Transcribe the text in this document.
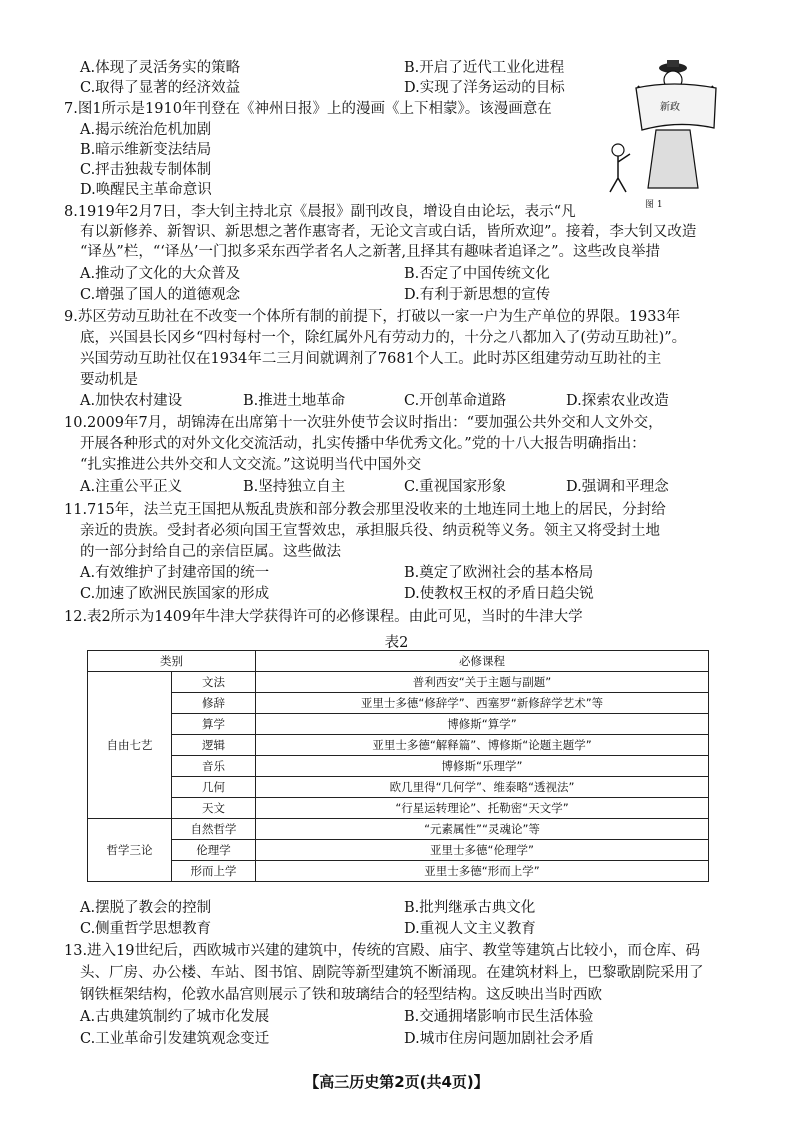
A.体现了灵活务实的策略	B.开启了近代工业化进程
C.取得了显著的经济效益	D.实现了洋务运动的目标
7.图1所示是1910年刊登在《神州日报》上的漫画《上下相蒙》。该漫画意在
A.揭示统治危机加剧
B.暗示维新变法结局
C.抨击独裁专制体制
D.唤醒民主革命意识
新政
图 1
8.1919年2月7日，李大钊主持北京《晨报》副刊改良，增设自由论坛，表示“凡
有以新修养、新智识、新思想之著作惠寄者，无论文言或白话，皆所欢迎”。接着，李大钊又改造
“译丛”栏，“‘译丛’一门拟多采东西学者名人之新著,且择其有趣味者追译之”。这些改良举措
A.推动了文化的大众普及	B.否定了中国传统文化
C.增强了国人的道德观念	D.有利于新思想的宣传
9.苏区劳动互助社在不改变一个体所有制的前提下，打破以一家一户为生产单位的界限。1933年
底，兴国县长冈乡“四村每村一个，除红属外凡有劳动力的，十分之八都加入了(劳动互助社)”。
兴国劳动互助社仅在1934年二三月间就调剂了7681个人工。此时苏区组建劳动互助社的主
要动机是
A.加快农村建设	B.推进土地革命	C.开创革命道路	D.探索农业改造
10.2009年7月，胡锦涛在出席第十一次驻外使节会议时指出：“要加强公共外交和人文外交，
开展各种形式的对外文化交流活动，扎实传播中华优秀文化。”党的十八大报告明确指出：
“扎实推进公共外交和人文交流。”这说明当代中国外交
A.注重公平正义	B.坚持独立自主	C.重视国家形象	D.强调和平理念
11.715年，法兰克王国把从叛乱贵族和部分教会那里没收来的土地连同土地上的居民，分封给
亲近的贵族。受封者必须向国王宣誓效忠，承担服兵役、纳贡税等义务。领主又将受封土地
的一部分封给自己的亲信臣属。这些做法
A.有效维护了封建帝国的统一	B.奠定了欧洲社会的基本格局
C.加速了欧洲民族国家的形成	D.使教权王权的矛盾日趋尖锐
12.表2所示为1409年牛津大学获得许可的必修课程。由此可见，当时的牛津大学
表2
类别		必修课程
自由七艺	文法	普利西安“关于主题与副题”
	修辞	亚里士多德“修辞学”、西塞罗“新修辞学艺术”等
	算学	博修斯“算学”
	逻辑	亚里士多德“解释篇”、博修斯“论题主题学”
	音乐	博修斯“乐理学”
	几何	欧几里得“几何学”、维泰略“透视法”
	天文	“行星运转理论”、托勒密“天文学”
哲学三论	自然哲学	“元素属性”“灵魂论”等
	伦理学	亚里士多德“伦理学”
	形而上学	亚里士多德“形而上学”
A.摆脱了教会的控制	B.批判继承古典文化
C.侧重哲学思想教育	D.重视人文主义教育
13.进入19世纪后，西欧城市兴建的建筑中，传统的宫殿、庙宇、教堂等建筑占比较小，而仓库、码
头、厂房、办公楼、车站、图书馆、剧院等新型建筑不断涌现。在建筑材料上，巴黎歌剧院采用了
钢铁框架结构，伦敦水晶宫则展示了铁和玻璃结合的轻型结构。这反映出当时西欧
A.古典建筑制约了城市化发展	B.交通拥堵影响市民生活体验
C.工业革命引发建筑观念变迁	D.城市住房问题加剧社会矛盾
【高三历史第2页(共4页)】
